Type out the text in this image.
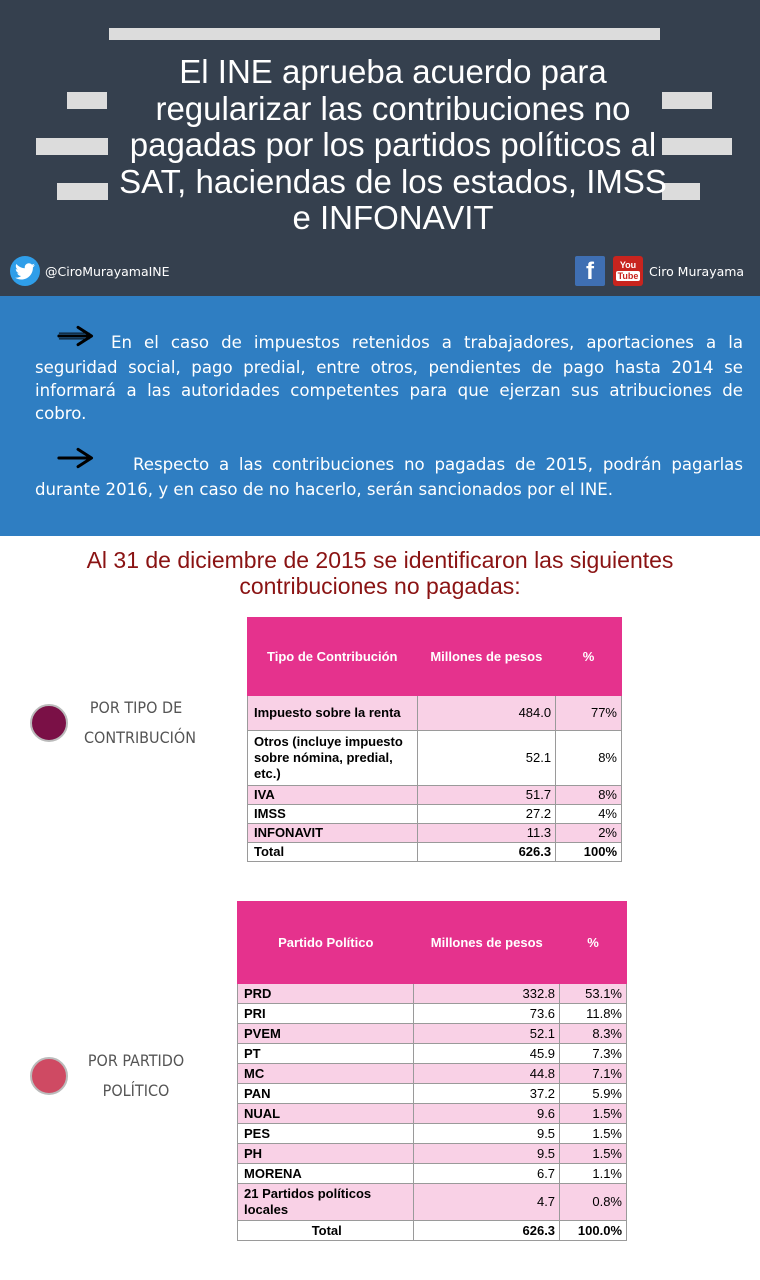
El INE aprueba acuerdo para regularizar las contribuciones no pagadas por los partidos políticos al SAT, haciendas de los estados, IMSS e INFONAVIT
@CiroMurayamaINE	f	You
Tube Ciro Murayama
En el caso de impuestos retenidos a trabajadores, aportaciones a la seguridad social, pago predial, entre otros, pendientes de pago hasta 2014 se informará a las autoridades competentes para que ejerzan sus atribuciones de cobro.
Respecto a las contribuciones no pagadas de 2015, podrán pagarlas durante 2016, y en caso de no hacerlo, serán sancionados por el INE.
Al 31 de diciembre de 2015 se identificaron las siguientes contribuciones no pagadas:
POR TIPO DE
CONTRIBUCIÓN
Tipo de Contribución	Millones de pesos	%
Impuesto sobre la renta	484.0	77%
Otros (incluye impuesto sobre nómina, predial, etc.)	52.1	8%
IVA	51.7	8%
IMSS	27.2	4%
INFONAVIT	11.3	2%
Total	626.3	100%
POR PARTIDO
POLÍTICO
Partido Político	Millones de pesos	%
PRD	332.8	53.1%
PRI	73.6	11.8%
PVEM	52.1	8.3%
PT	45.9	7.3%
MC	44.8	7.1%
PAN	37.2	5.9%
NUAL	9.6	1.5%
PES	9.5	1.5%
PH	9.5	1.5%
MORENA	6.7	1.1%
21 Partidos políticos locales	4.7	0.8%
Total	626.3	100.0%
